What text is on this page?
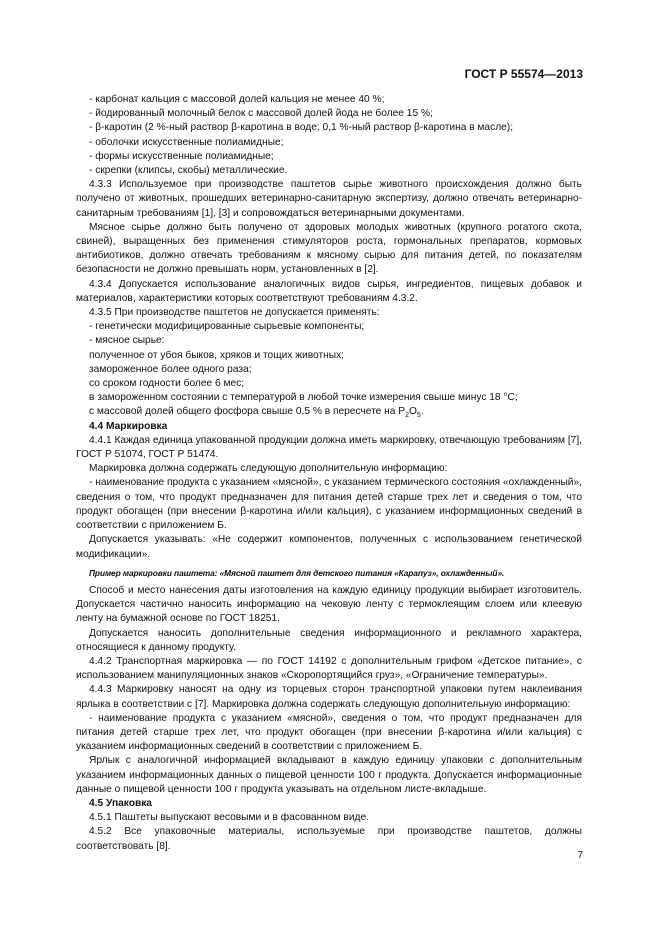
ГОСТ Р 55574—2013

- карбонат кальция с массовой долей кальция не менее 40 %;

- йодированный молочный белок с массовой долей йода не более 15 %;

- β-каротин (2 %-ный раствор β-каротина в воде; 0,1 %-ный раствор β-каротина в масле);

- оболочки искусственные полиамидные;

- формы искусственные полиамидные;

- скрепки (клипсы, скобы) металлические.

4.3.3 Используемое при производстве паштетов сырье животного происхождения должно быть получено от животных, прошедших ветеринарно-санитарную экспертизу, должно отвечать ветеринарно-санитарным требованиям [1], [3] и сопровождаться ветеринарными документами.

Мясное сырье должно быть получено от здоровых молодых животных (крупного рогатого скота, свиней), выращенных без применения стимуляторов роста, гормональных препаратов, кормовых антибиотиков, должно отвечать требованиям к мясному сырью для питания детей, по показателям безопасности не должно превышать норм, установленных в [2].

4.3.4 Допускается использование аналогичных видов сырья, ингредиентов, пищевых добавок и материалов, характеристики которых соответствуют требованиям 4.3.2.

4.3.5 При производстве паштетов не допускается применять:

- генетически модифицированные сырьевые компоненты;

- мясное сырье:

полученное от убоя быков, хряков и тощих животных;

замороженное более одного раза;

со сроком годности более 6 мес;

в замороженном состоянии с температурой в любой точке измерения свыше минус 18 °С;

с массовой долей общего фосфора свыше 0,5 % в пересчете на $P_2O_5$.

4.4 Маркировка

4.4.1 Каждая единица упакованной продукции должна иметь маркировку, отвечающую требованиям [7], ГОСТ Р 51074, ГОСТ Р 51474.

Маркировка должна содержать следующую дополнительную информацию:

- наименование продукта с указанием «мясной», с указанием термического состояния «охлажденный», сведения о том, что продукт предназначен для питания детей старше трех лет и сведения о том, что продукт обогащен (при внесении β-каротина и/или кальция), с указанием информационных сведений в соответствии с приложением Б.

Допускается указывать: «Не содержит компонентов, полученных с использованием генетической модификации».

Пример маркировки паштета: «Мясной паштет для детского питания «Карапуз», охлажденный».

Способ и место нанесения даты изготовления на каждую единицу продукции выбирает изготовитель. Допускается частично наносить информацию на чековую ленту с термоклеящим слоем или клеевую ленту на бумажной основе по ГОСТ 18251.

Допускается наносить дополнительные сведения информационного и рекламного характера, относящиеся к данному продукту.

4.4.2 Транспортная маркировка — по ГОСТ 14192 с дополнительным грифом «Детское питание», с использованием манипуляционных знаков «Скоропортящийся груз», «Ограничение температуры».

4.4.3 Маркировку наносят на одну из торцевых сторон транспортной упаковки путем наклеивания ярлыка в соответствии с [7]. Маркировка должна содержать следующую дополнительную информацию:

- наименование продукта с указанием «мясной», сведения о том, что продукт предназначен для питания детей старше трех лет, что продукт обогащен (при внесении β-каротина и/или кальция) с указанием информационных сведений в соответствии с приложением Б.

Ярлык с аналогичной информацией вкладывают в каждую единицу упаковки с дополнительным указанием информационных данных о пищевой ценности 100 г продукта. Допускается информационные данные о пищевой ценности 100 г продукта указывать на отдельном листе-вкладыше.

4.5 Упаковка

4.5.1 Паштеты выпускают весовыми и в фасованном виде.

4.5.2 Все упаковочные материалы, используемые при производстве паштетов, должны соответствовать [8].

7
